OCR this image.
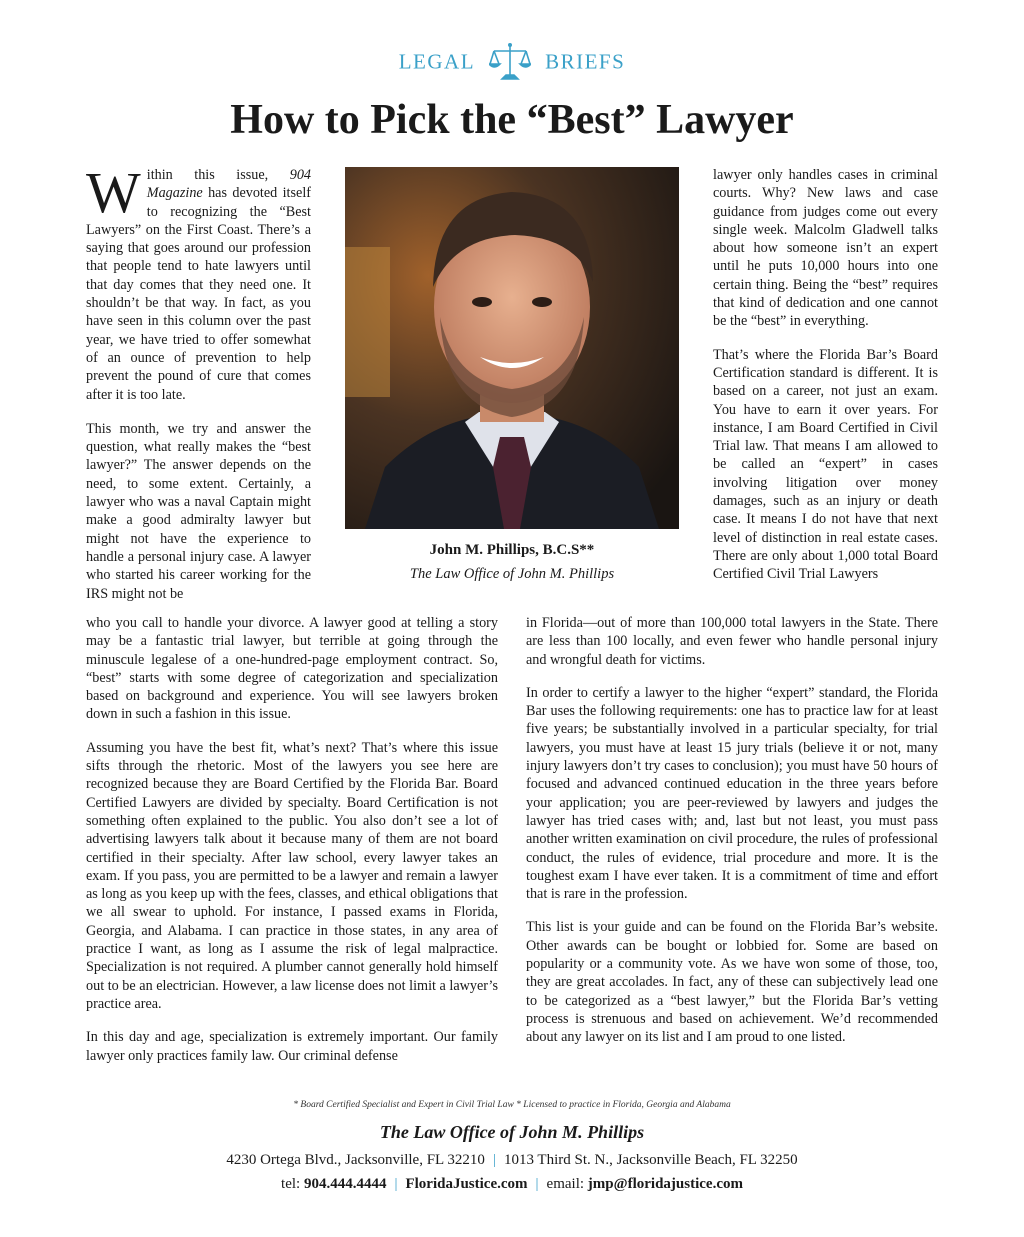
LEGAL	BRIEFS
How to Pick the “Best” Lawyer

Within this issue, 904 Magazine has devoted itself to recognizing the “Best Lawyers” on the First Coast. There’s a saying that goes around our profession that people tend to hate lawyers until that day comes that they need one. It shouldn’t be that way. In fact, as you have seen in this column over the past year, we have tried to offer somewhat of an ounce of prevention to help prevent the pound of cure that comes after it is too late.

This month, we try and answer the question, what really makes the “best lawyer?” The answer depends on the need, to some extent. Certainly, a lawyer who was a naval Captain might make a good admiralty lawyer but might not have the experience to handle a personal injury case. A lawyer who started his career working for the IRS might not be

John M. Phillips, B.C.S**
The Law Office of John M. Phillips

lawyer only handles cases in criminal courts. Why? New laws and case guidance from judges come out every single week. Malcolm Gladwell talks about how someone isn’t an expert until he puts 10,000 hours into one certain thing. Being the “best” requires that kind of dedication and one cannot be the “best” in everything.

That’s where the Florida Bar’s Board Certification standard is different. It is based on a career, not just an exam. You have to earn it over years. For instance, I am Board Certified in Civil Trial law. That means I am allowed to be called an “expert” in cases involving litigation over money damages, such as an injury or death case. It means I do not have that next level of distinction in real estate cases. There are only about 1,000 total Board Certified Civil Trial Lawyers

who you call to handle your divorce. A lawyer good at telling a story may be a fantastic trial lawyer, but terrible at going through the minuscule legalese of a one-hundred-page employment contract. So, “best” starts with some degree of categorization and specialization based on background and experience. You will see lawyers broken down in such a fashion in this issue.

Assuming you have the best fit, what’s next? That’s where this issue sifts through the rhetoric. Most of the lawyers you see here are recognized because they are Board Certified by the Florida Bar. Board Certified Lawyers are divided by specialty. Board Certification is not something often explained to the public. You also don’t see a lot of advertising lawyers talk about it because many of them are not board certified in their specialty. After law school, every lawyer takes an exam. If you pass, you are permitted to be a lawyer and remain a lawyer as long as you keep up with the fees, classes, and ethical obligations that we all swear to uphold. For instance, I passed exams in Florida, Georgia, and Alabama. I can practice in those states, in any area of practice I want, as long as I assume the risk of legal malpractice. Specialization is not required. A plumber cannot generally hold himself out to be an electrician. However, a law license does not limit a lawyer’s practice area.

In this day and age, specialization is extremely important. Our family lawyer only practices family law. Our criminal defense

in Florida—out of more than 100,000 total lawyers in the State. There are less than 100 locally, and even fewer who handle personal injury and wrongful death for victims.

In order to certify a lawyer to the higher “expert” standard, the Florida Bar uses the following requirements: one has to practice law for at least five years; be substantially involved in a particular specialty, for trial lawyers, you must have at least 15 jury trials (believe it or not, many injury lawyers don’t try cases to conclusion); you must have 50 hours of focused and advanced continued education in the three years before your application; you are peer-reviewed by lawyers and judges the lawyer has tried cases with; and, last but not least, you must pass another written examination on civil procedure, the rules of professional conduct, the rules of evidence, trial procedure and more. It is the toughest exam I have ever taken. It is a commitment of time and effort that is rare in the profession.

This list is your guide and can be found on the Florida Bar’s website. Other awards can be bought or lobbied for. Some are based on popularity or a community vote. As we have won some of those, too, they are great accolades. In fact, any of these can subjectively lead one to be categorized as a “best lawyer,” but the Florida Bar’s vetting process is strenuous and based on achievement. We’d recommended about any lawyer on its list and I am proud to one listed.

* Board Certified Specialist and Expert in Civil Trial Law * Licensed to practice in Florida, Georgia and Alabama
The Law Office of John M. Phillips
4230 Ortega Blvd., Jacksonville, FL 32210 | 1013 Third St. N., Jacksonville Beach, FL 32250
tel: 904.444.4444 | FloridaJustice.com | email: jmp@floridajustice.com
